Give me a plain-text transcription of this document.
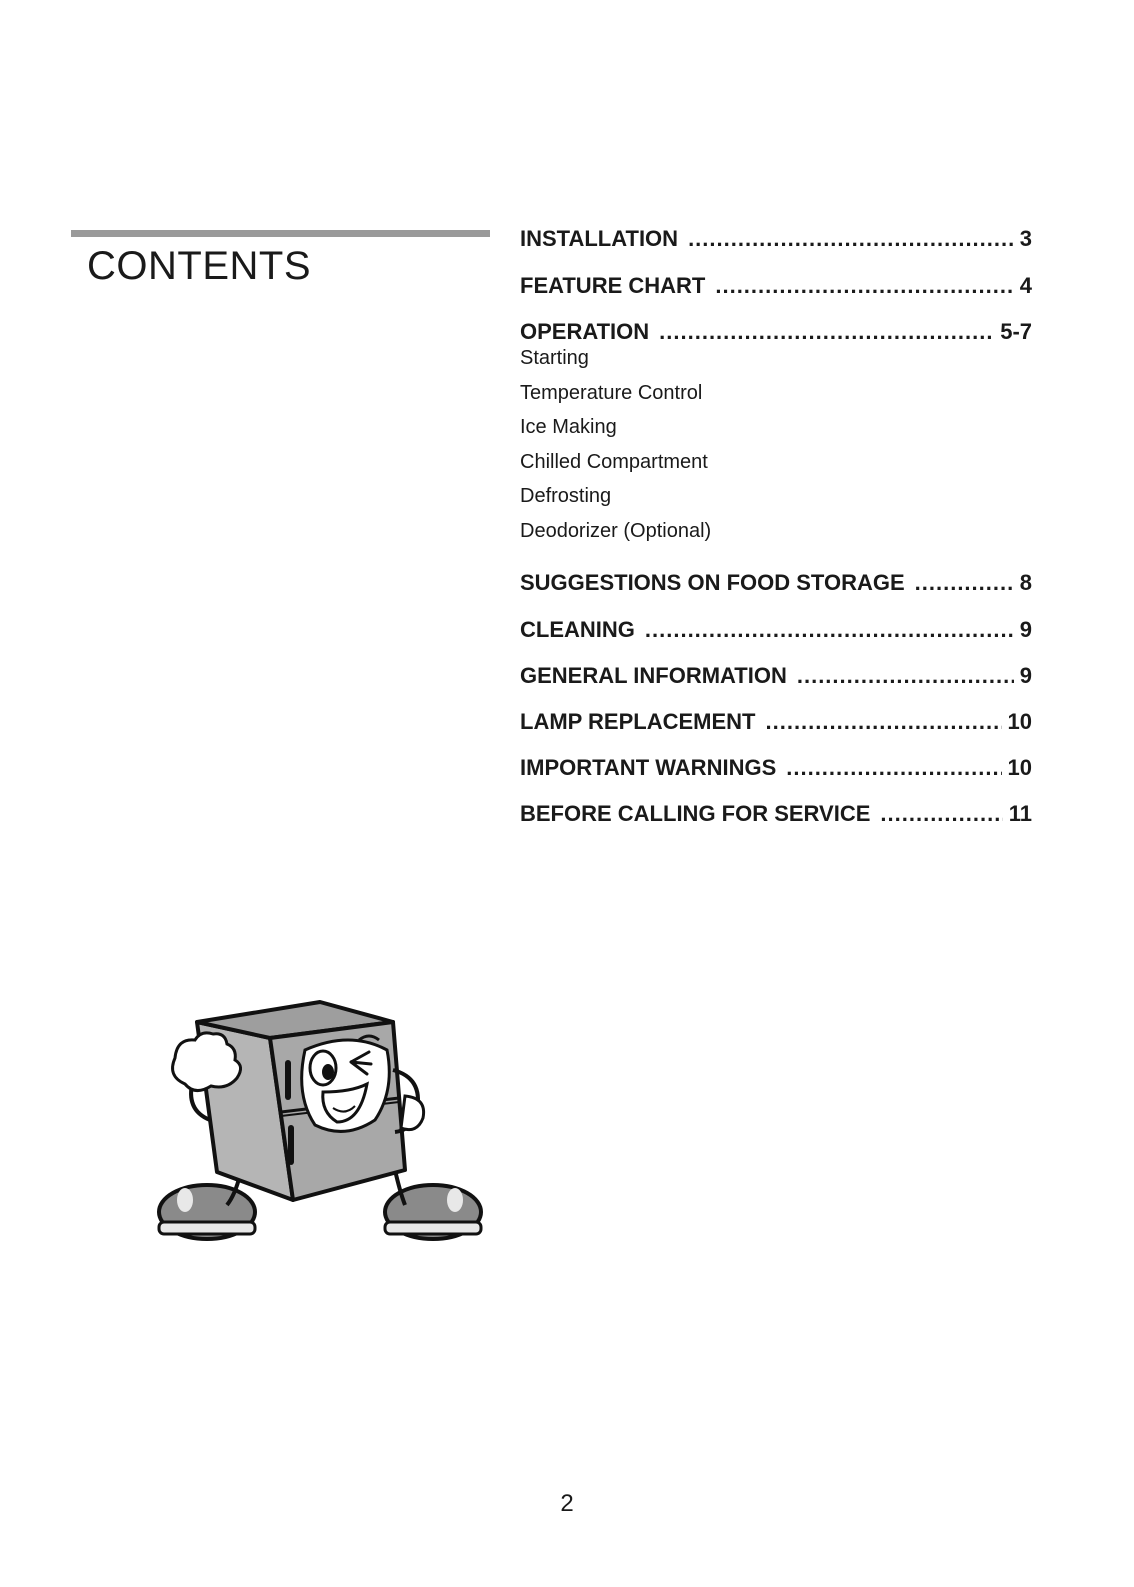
CONTENTS
INSTALLATION .....	3
FEATURE CHART .....	4
OPERATION .....	5-7
Starting
Temperature Control
Ice Making
Chilled Compartment
Defrosting
Deodorizer (Optional)
SUGGESTIONS ON FOOD STORAGE .....	8
CLEANING .....	9
GENERAL INFORMATION .....	9
LAMP REPLACEMENT .....	10
IMPORTANT WARNINGS .....	10
BEFORE CALLING FOR SERVICE .....	11
2
